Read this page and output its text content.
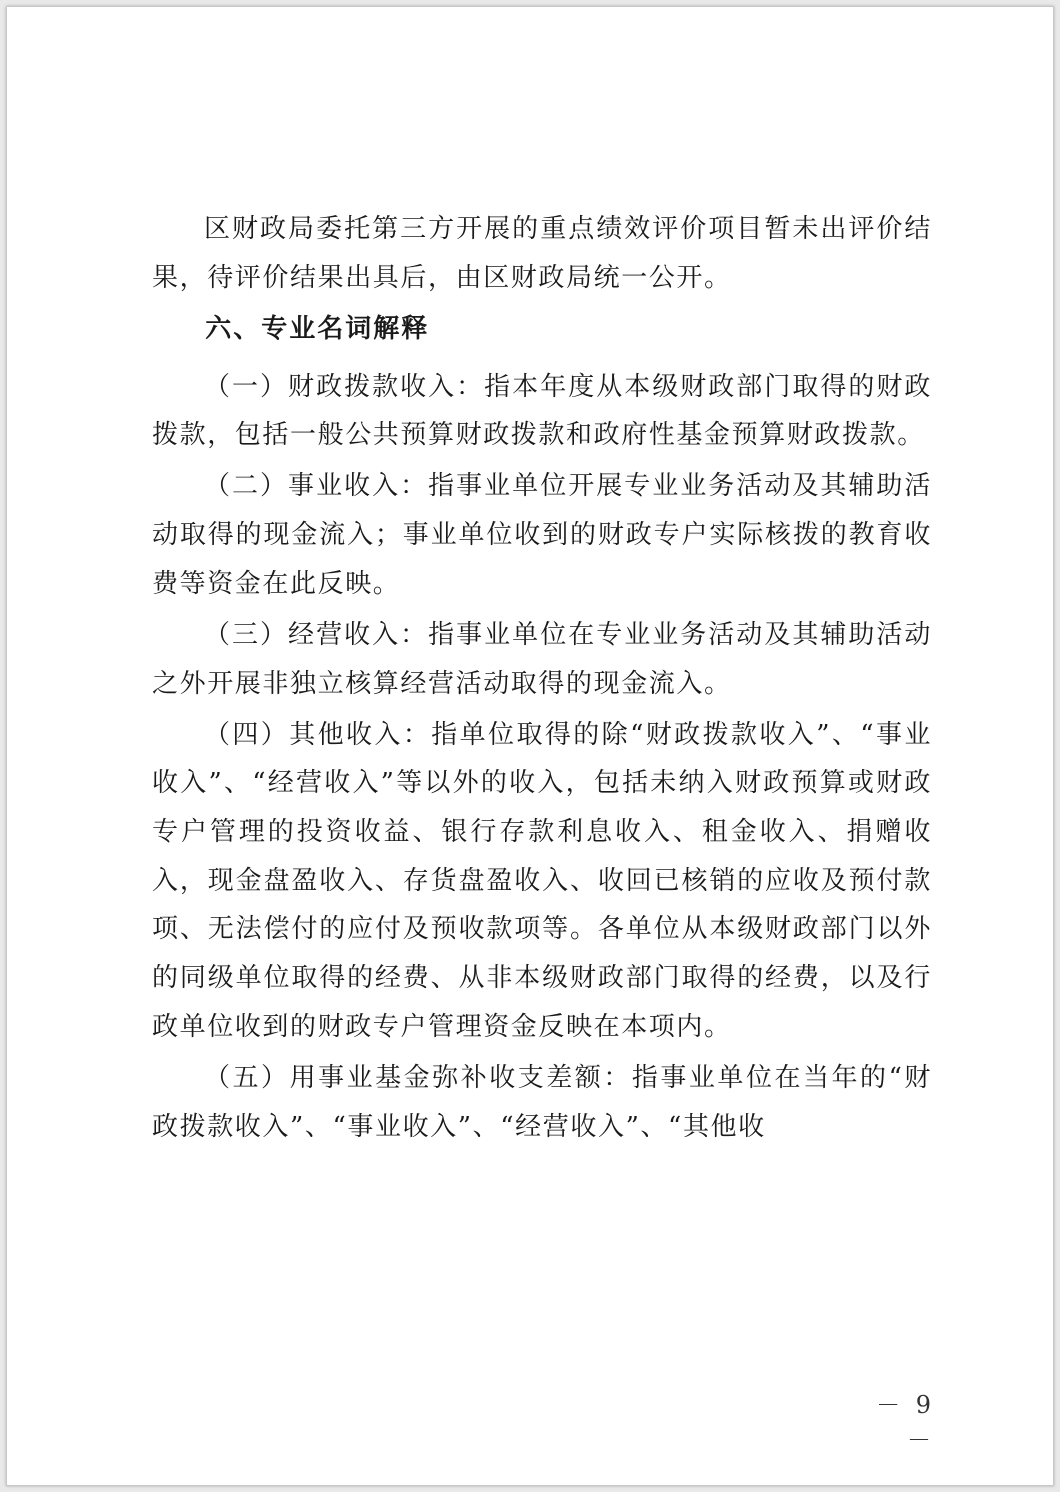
区财政局委托第三方开展的重点绩效评价项目暂未出评价结果，待评价结果出具后，由区财政局统一公开。

六、专业名词解释

（一）财政拨款收入：指本年度从本级财政部门取得的财政拨款，包括一般公共预算财政拨款和政府性基金预算财政拨款。

（二）事业收入：指事业单位开展专业业务活动及其辅助活动取得的现金流入；事业单位收到的财政专户实际核拨的教育收费等资金在此反映。

（三）经营收入：指事业单位在专业业务活动及其辅助活动之外开展非独立核算经营活动取得的现金流入。

（四）其他收入：指单位取得的除“财政拨款收入”、“事业收入”、“经营收入”等以外的收入，包括未纳入财政预算或财政专户管理的投资收益、银行存款利息收入、租金收入、捐赠收入，现金盘盈收入、存货盘盈收入、收回已核销的应收及预付款项、无法偿付的应付及预收款项等。各单位从本级财政部门以外的同级单位取得的经费、从非本级财政部门取得的经费，以及行政单位收到的财政专户管理资金反映在本项内。

（五）用事业基金弥补收支差额：指事业单位在当年的“财政拨款收入”、“事业收入”、“经营收入”、“其他收

－ 9 －
